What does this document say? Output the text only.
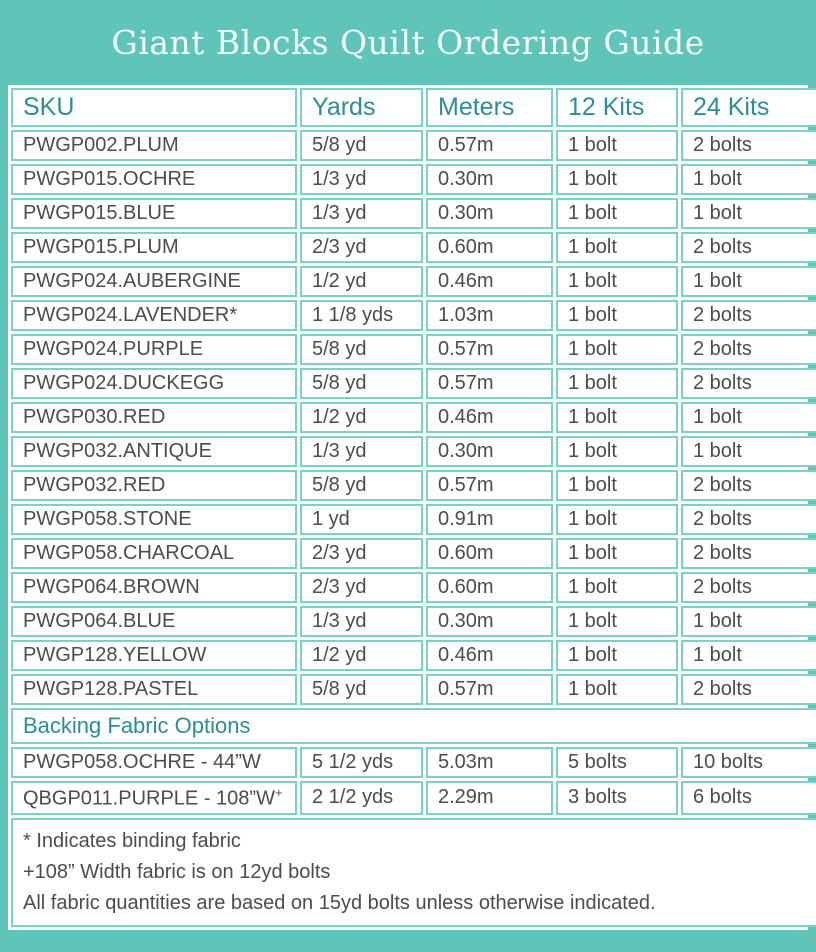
Giant Blocks Quilt Ordering Guide
SKU	Yards	Meters	12 Kits	24 Kits
PWGP002.PLUM	5/8 yd	0.57m	1 bolt	2 bolts
PWGP015.OCHRE	1/3 yd	0.30m	1 bolt	1 bolt
PWGP015.BLUE	1/3 yd	0.30m	1 bolt	1 bolt
PWGP015.PLUM	2/3 yd	0.60m	1 bolt	2 bolts
PWGP024.AUBERGINE	1/2 yd	0.46m	1 bolt	1 bolt
PWGP024.LAVENDER*	1 1/8 yds	1.03m	1 bolt	2 bolts
PWGP024.PURPLE	5/8 yd	0.57m	1 bolt	2 bolts
PWGP024.DUCKEGG	5/8 yd	0.57m	1 bolt	2 bolts
PWGP030.RED	1/2 yd	0.46m	1 bolt	1 bolt
PWGP032.ANTIQUE	1/3 yd	0.30m	1 bolt	1 bolt
PWGP032.RED	5/8 yd	0.57m	1 bolt	2 bolts
PWGP058.STONE	1 yd	0.91m	1 bolt	2 bolts
PWGP058.CHARCOAL	2/3 yd	0.60m	1 bolt	2 bolts
PWGP064.BROWN	2/3 yd	0.60m	1 bolt	2 bolts
PWGP064.BLUE	1/3 yd	0.30m	1 bolt	1 bolt
PWGP128.YELLOW	1/2 yd	0.46m	1 bolt	1 bolt
PWGP128.PASTEL	5/8 yd	0.57m	1 bolt	2 bolts
Backing Fabric Options				
PWGP058.OCHRE - 44”W	5 1/2 yds	5.03m	5 bolts	10 bolts
QBGP011.PURPLE - 108”W+	2 1/2 yds	2.29m	3 bolts	6 bolts

* Indicates binding fabric
+108” Width fabric is on 12yd bolts
All fabric quantities are based on 15yd bolts unless otherwise indicated.				
